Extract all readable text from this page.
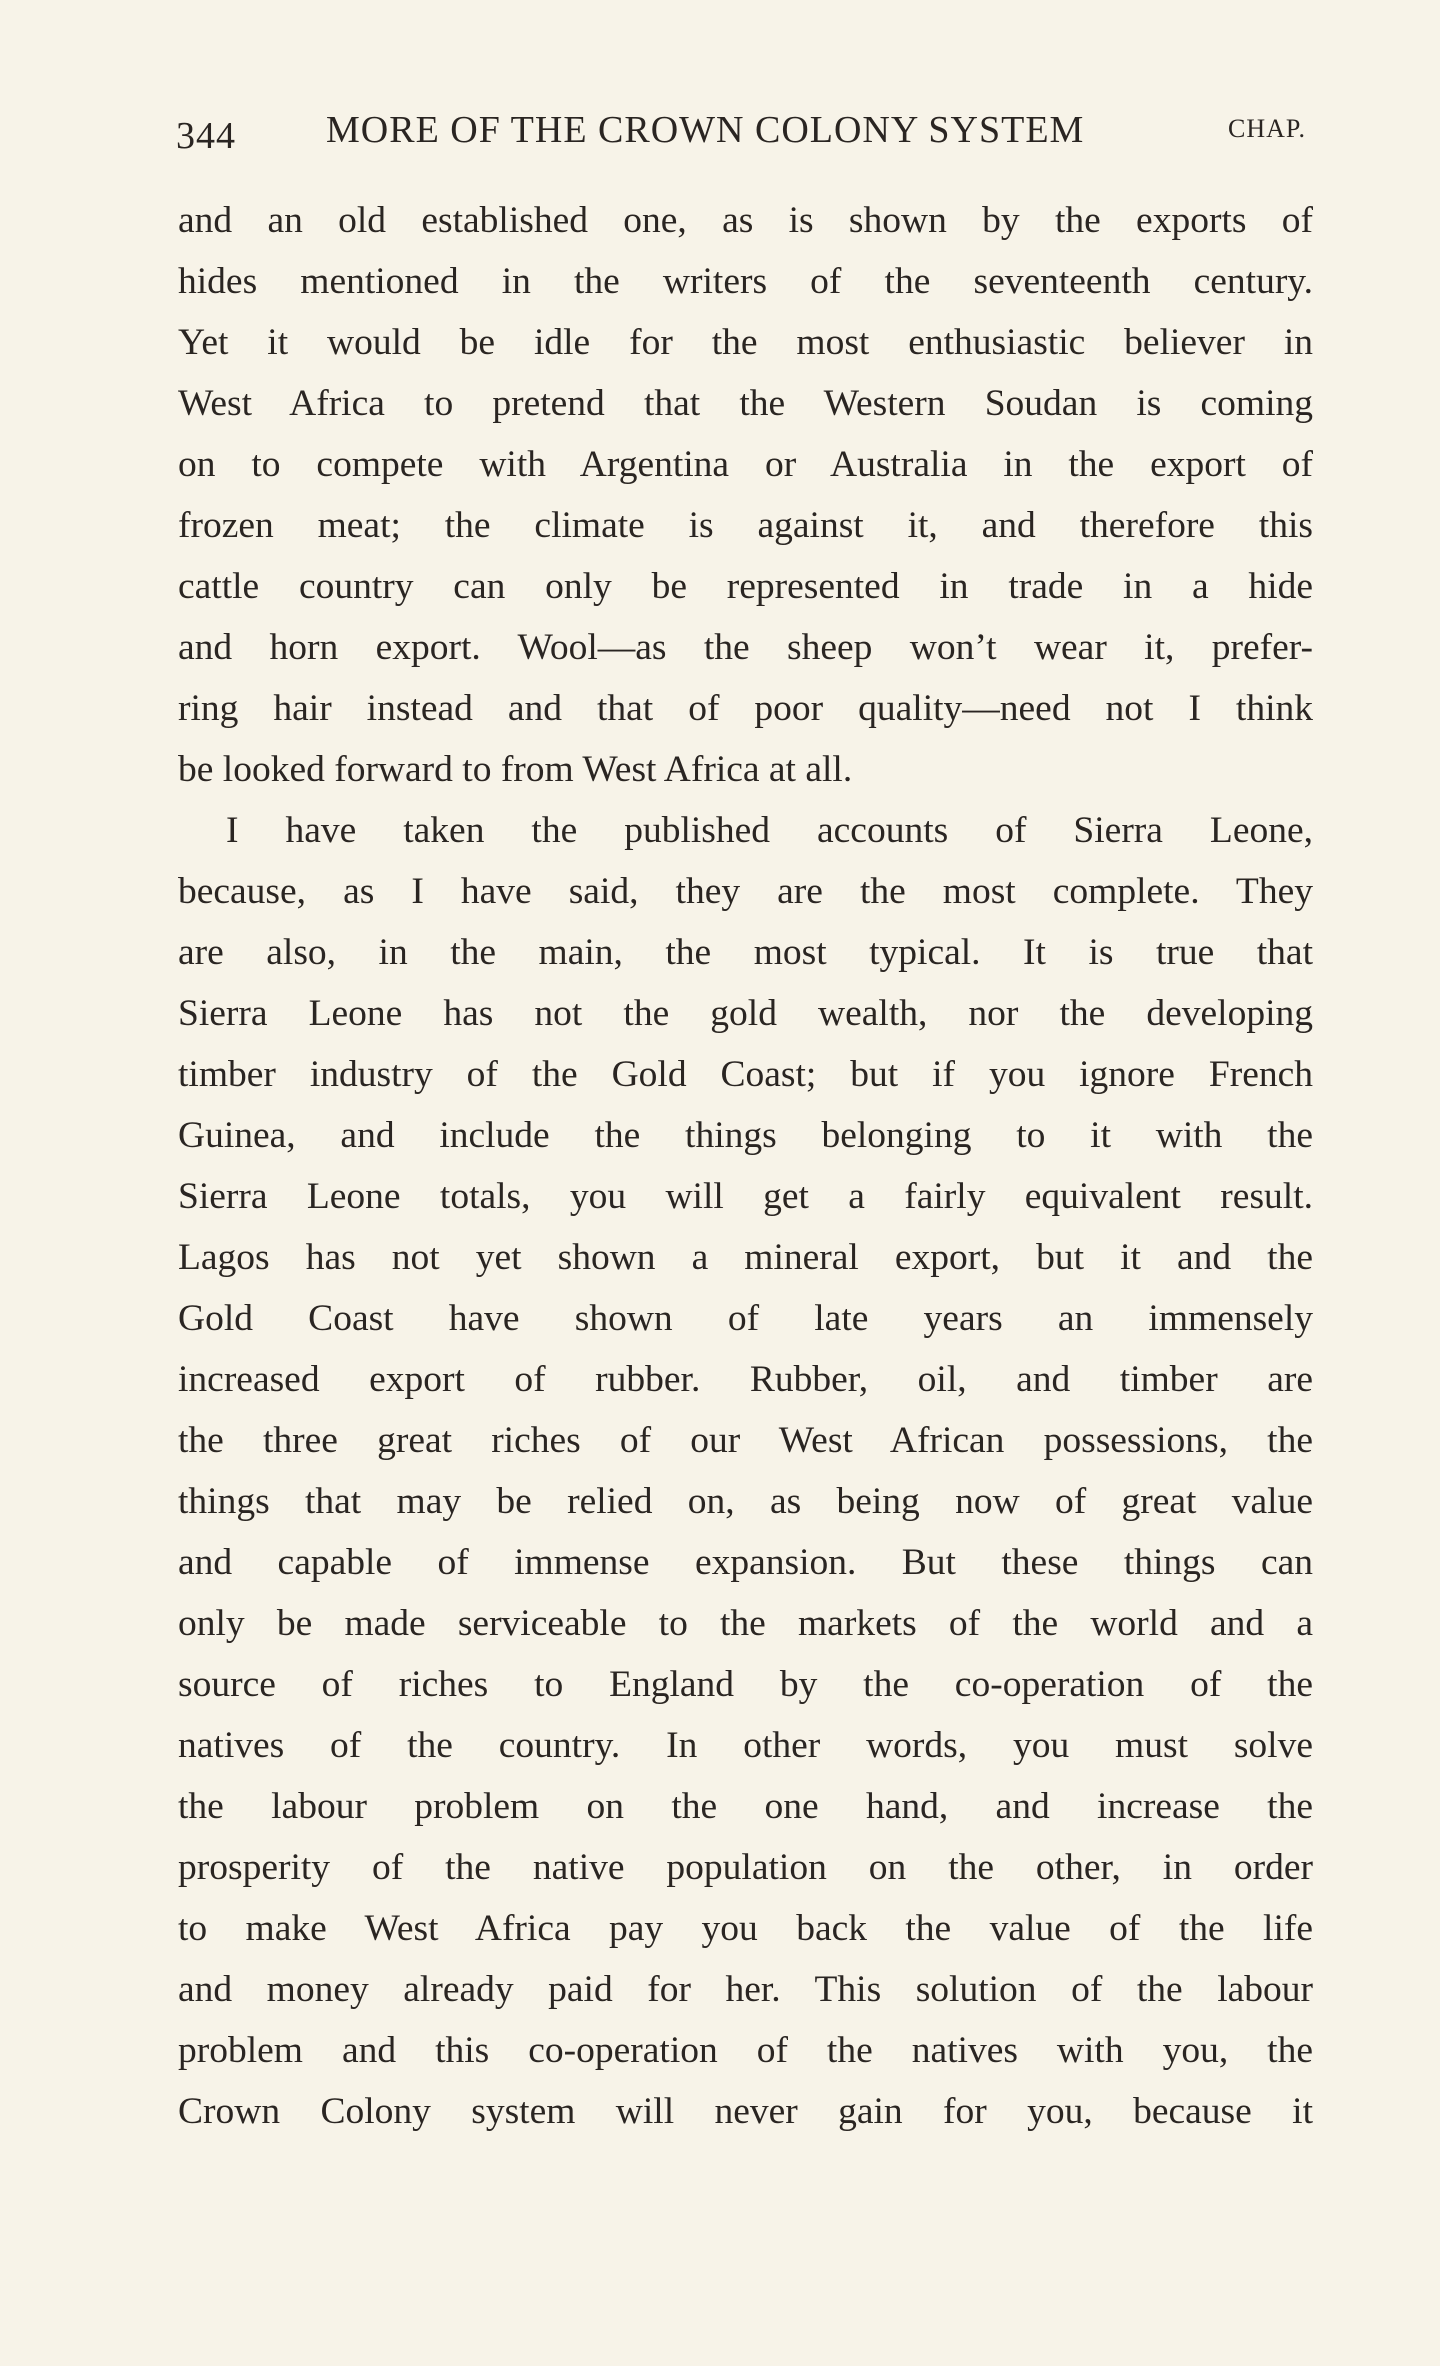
344 MORE OF THE CROWN COLONY SYSTEM	CHAP.
and an old established one, as is shown by the exports of
hides mentioned in the writers of the seventeenth century.
Yet it would be idle for the most enthusiastic believer in
West Africa to pretend that the Western Soudan is coming
on to compete with Argentina or Australia in the export of
frozen meat; the climate is against it, and therefore this
cattle country can only be represented in trade in a hide
and horn export. Wool—as the sheep won’t wear it, prefer-
ring hair instead and that of poor quality—need not I think
be looked forward to from West Africa at all.
I have taken the published accounts of Sierra Leone,
because, as I have said, they are the most complete. They
are also, in the main, the most typical. It is true that
Sierra Leone has not the gold wealth, nor the developing
timber industry of the Gold Coast; but if you ignore French
Guinea, and include the things belonging to it with the
Sierra Leone totals, you will get a fairly equivalent result.
Lagos has not yet shown a mineral export, but it and the
Gold Coast have shown of late years an immensely
increased export of rubber. Rubber, oil, and timber are
the three great riches of our West African possessions, the
things that may be relied on, as being now of great value
and capable of immense expansion. But these things can
only be made serviceable to the markets of the world and a
source of riches to England by the co-operation of the
natives of the country. In other words, you must solve
the labour problem on the one hand, and increase the
prosperity of the native population on the other, in order
to make West Africa pay you back the value of the life
and money already paid for her. This solution of the labour
problem and this co-operation of the natives with you, the
Crown Colony system will never gain for you, because it
